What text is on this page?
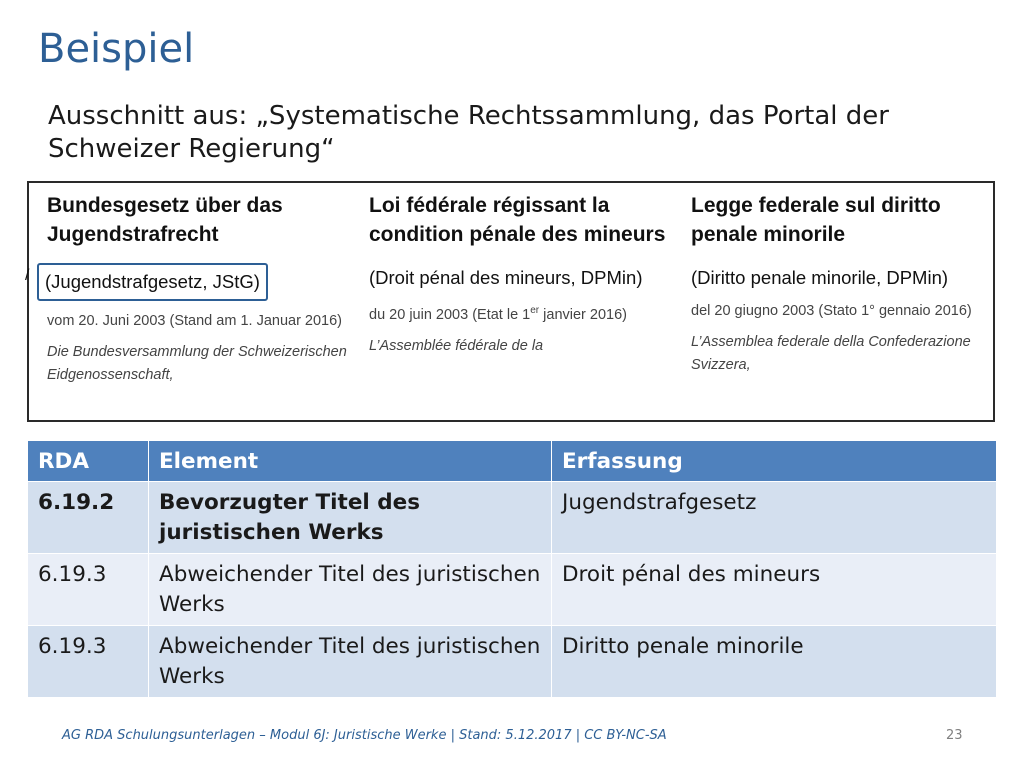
Beispiel
Ausschnitt aus: „Systematische Rechtssammlung, das Portal der Schweizer Regierung“
/
Bundesgesetz über das Jugendstrafrecht
(Jugendstrafgesetz, JStG)
vom 20. Juni 2003 (Stand am 1. Januar 2016)
Die Bundesversammlung der Schweizerischen Eidgenossenschaft,
Loi fédérale régissant la condition pénale des mineurs
(Droit pénal des mineurs, DPMin)
du 20 juin 2003 (Etat le 1er janvier 2016)
L’Assemblée fédérale de la
Legge federale sul diritto penale minorile
(Diritto penale minorile, DPMin)
del 20 giugno 2003 (Stato 1° gennaio 2016)
L’Assemblea federale della Confederazione Svizzera,
RDA	Element	Erfassung
6.19.2	Bevorzugter Titel des juristischen Werks	Jugendstrafgesetz
6.19.3	Abweichender Titel des juristischen Werks	Droit pénal des mineurs
6.19.3	Abweichender Titel des juristischen Werks	Diritto penale minorile
AG RDA Schulungsunterlagen – Modul 6J: Juristische Werke | Stand: 5.12.2017 | CC BY-NC-SA	23
